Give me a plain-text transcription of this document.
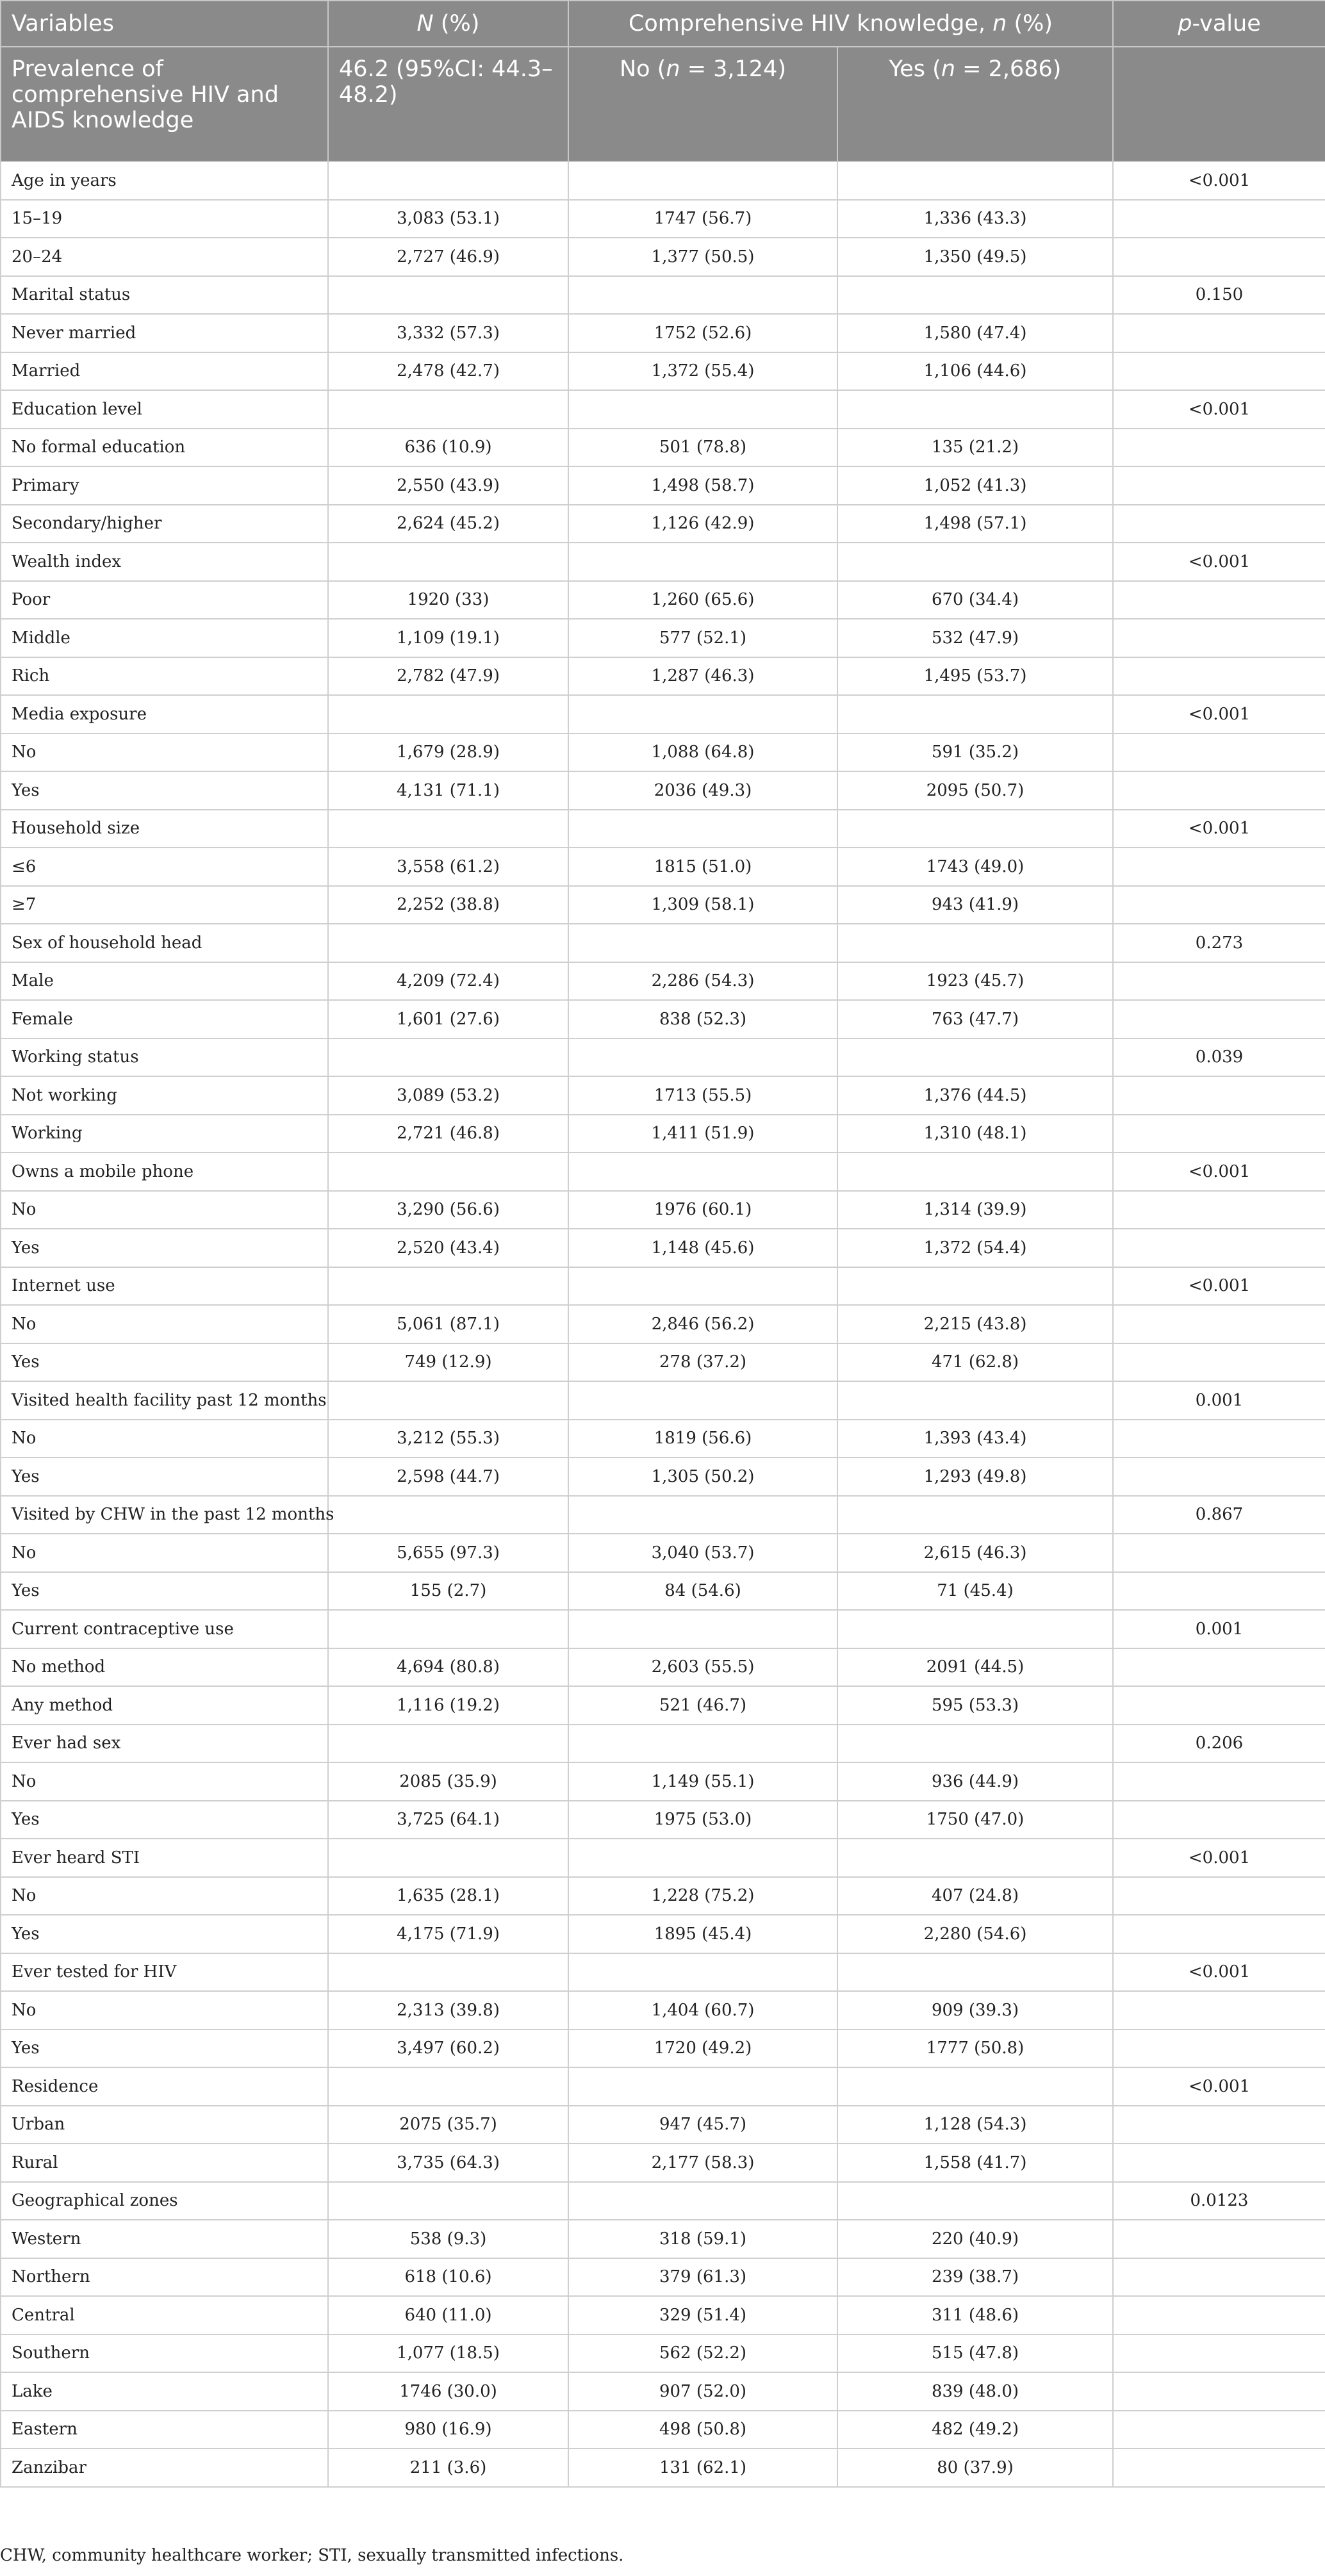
Variables	N (%)	Comprehensive HIV knowledge, n (%)		p-value
Prevalence of comprehensive HIV and AIDS knowledge	46.2 (95%CI: 44.3–48.2)	No (n = 3,124)	Yes (n = 2,686)	
Age in years				<0.001
15–19	3,083 (53.1)	1747 (56.7)	1,336 (43.3)	
20–24	2,727 (46.9)	1,377 (50.5)	1,350 (49.5)	
Marital status				0.150
Never married	3,332 (57.3)	1752 (52.6)	1,580 (47.4)	
Married	2,478 (42.7)	1,372 (55.4)	1,106 (44.6)	
Education level				<0.001
No formal education	636 (10.9)	501 (78.8)	135 (21.2)	
Primary	2,550 (43.9)	1,498 (58.7)	1,052 (41.3)	
Secondary/higher	2,624 (45.2)	1,126 (42.9)	1,498 (57.1)	
Wealth index				<0.001
Poor	1920 (33)	1,260 (65.6)	670 (34.4)	
Middle	1,109 (19.1)	577 (52.1)	532 (47.9)	
Rich	2,782 (47.9)	1,287 (46.3)	1,495 (53.7)	
Media exposure				<0.001
No	1,679 (28.9)	1,088 (64.8)	591 (35.2)	
Yes	4,131 (71.1)	2036 (49.3)	2095 (50.7)	
Household size				<0.001
≤6	3,558 (61.2)	1815 (51.0)	1743 (49.0)	
≥7	2,252 (38.8)	1,309 (58.1)	943 (41.9)	
Sex of household head				0.273
Male	4,209 (72.4)	2,286 (54.3)	1923 (45.7)	
Female	1,601 (27.6)	838 (52.3)	763 (47.7)	
Working status				0.039
Not working	3,089 (53.2)	1713 (55.5)	1,376 (44.5)	
Working	2,721 (46.8)	1,411 (51.9)	1,310 (48.1)	
Owns a mobile phone				<0.001
No	3,290 (56.6)	1976 (60.1)	1,314 (39.9)	
Yes	2,520 (43.4)	1,148 (45.6)	1,372 (54.4)	
Internet use				<0.001
No	5,061 (87.1)	2,846 (56.2)	2,215 (43.8)	
Yes	749 (12.9)	278 (37.2)	471 (62.8)	
Visited health facility past 12 months				0.001
No	3,212 (55.3)	1819 (56.6)	1,393 (43.4)	
Yes	2,598 (44.7)	1,305 (50.2)	1,293 (49.8)	
Visited by CHW in the past 12 months				0.867
No	5,655 (97.3)	3,040 (53.7)	2,615 (46.3)	
Yes	155 (2.7)	84 (54.6)	71 (45.4)	
Current contraceptive use				0.001
No method	4,694 (80.8)	2,603 (55.5)	2091 (44.5)	
Any method	1,116 (19.2)	521 (46.7)	595 (53.3)	
Ever had sex				0.206
No	2085 (35.9)	1,149 (55.1)	936 (44.9)	
Yes	3,725 (64.1)	1975 (53.0)	1750 (47.0)	
Ever heard STI				<0.001
No	1,635 (28.1)	1,228 (75.2)	407 (24.8)	
Yes	4,175 (71.9)	1895 (45.4)	2,280 (54.6)	
Ever tested for HIV				<0.001
No	2,313 (39.8)	1,404 (60.7)	909 (39.3)	
Yes	3,497 (60.2)	1720 (49.2)	1777 (50.8)	
Residence				<0.001
Urban	2075 (35.7)	947 (45.7)	1,128 (54.3)	
Rural	3,735 (64.3)	2,177 (58.3)	1,558 (41.7)	
Geographical zones				0.0123
Western	538 (9.3)	318 (59.1)	220 (40.9)	
Northern	618 (10.6)	379 (61.3)	239 (38.7)	
Central	640 (11.0)	329 (51.4)	311 (48.6)	
Southern	1,077 (18.5)	562 (52.2)	515 (47.8)	
Lake	1746 (30.0)	907 (52.0)	839 (48.0)	
Eastern	980 (16.9)	498 (50.8)	482 (49.2)	
Zanzibar	211 (3.6)	131 (62.1)	80 (37.9)	
CHW, community healthcare worker; STI, sexually transmitted infections.
